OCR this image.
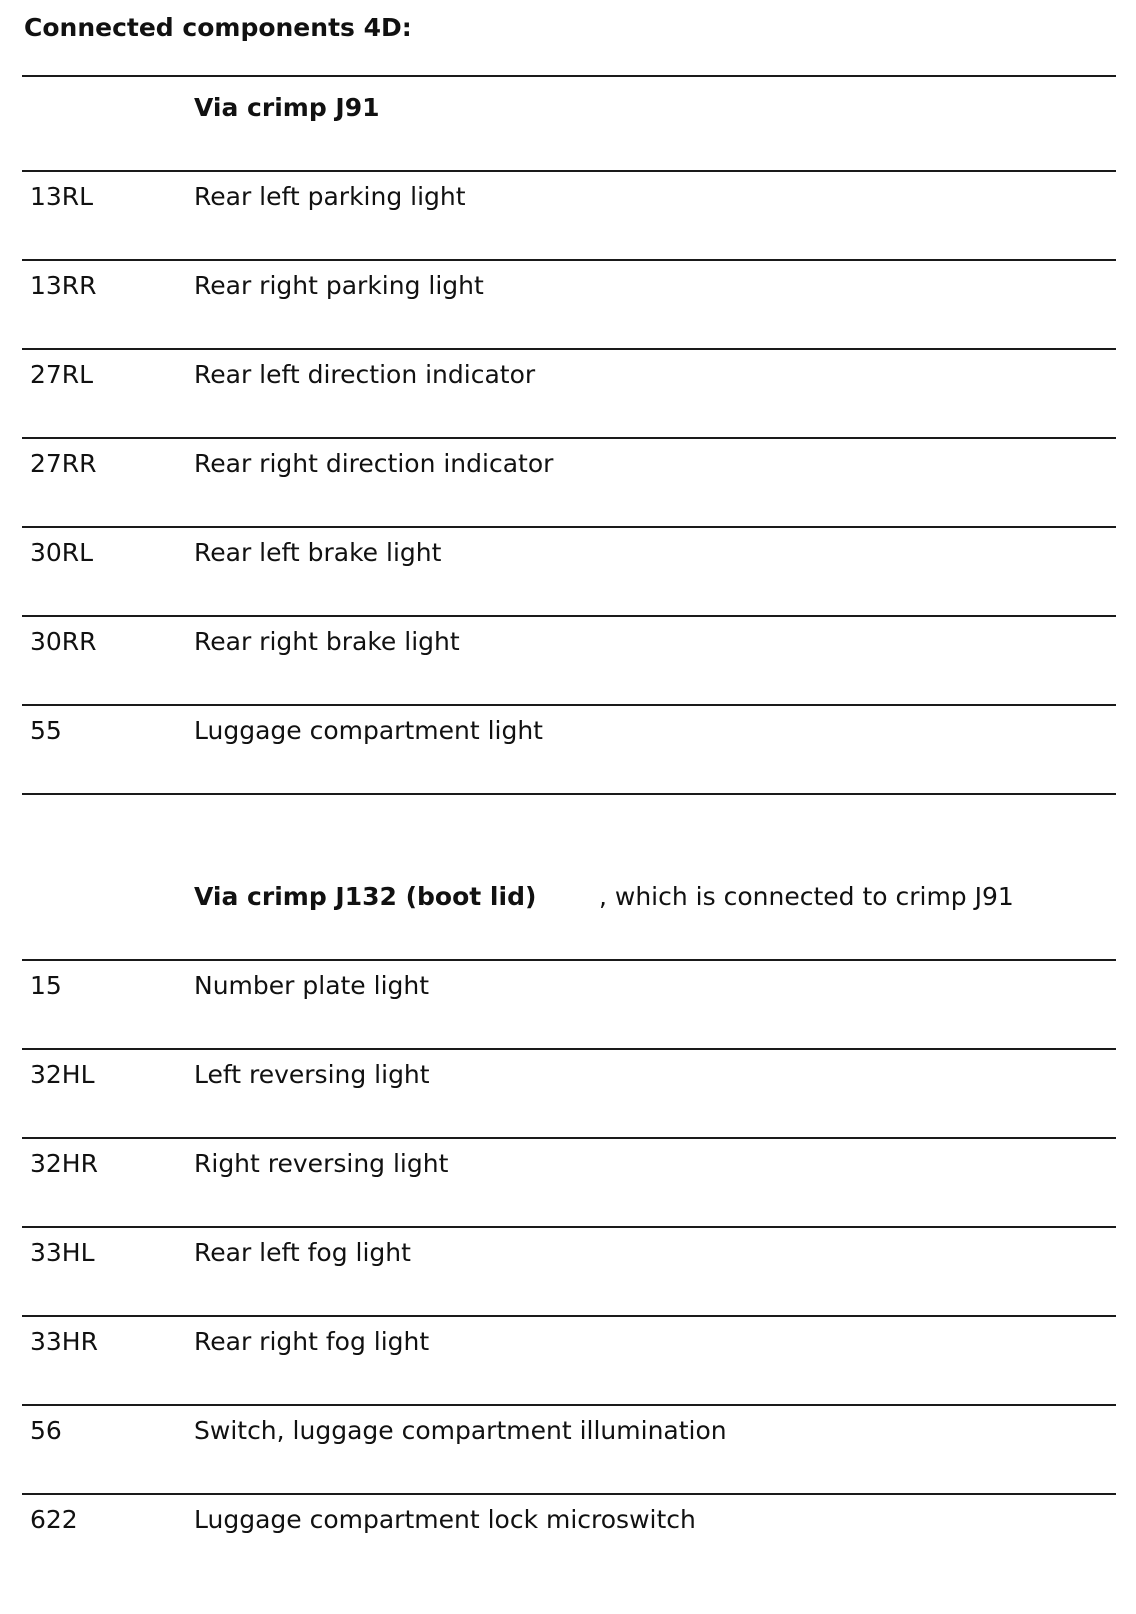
Connected components 4D:
Via crimp J91
13RL	Rear left parking light
13RR	Rear right parking light
27RL	Rear left direction indicator
27RR	Rear right direction indicator
30RL	Rear left brake light
30RR	Rear right brake light
55	Luggage compartment light
Via crimp J132 (boot lid)	, which is connected to crimp J91
15	Number plate light
32HL	Left reversing light
32HR	Right reversing light
33HL	Rear left fog light
33HR	Rear right fog light
56	Switch, luggage compartment illumination
622	Luggage compartment lock microswitch
